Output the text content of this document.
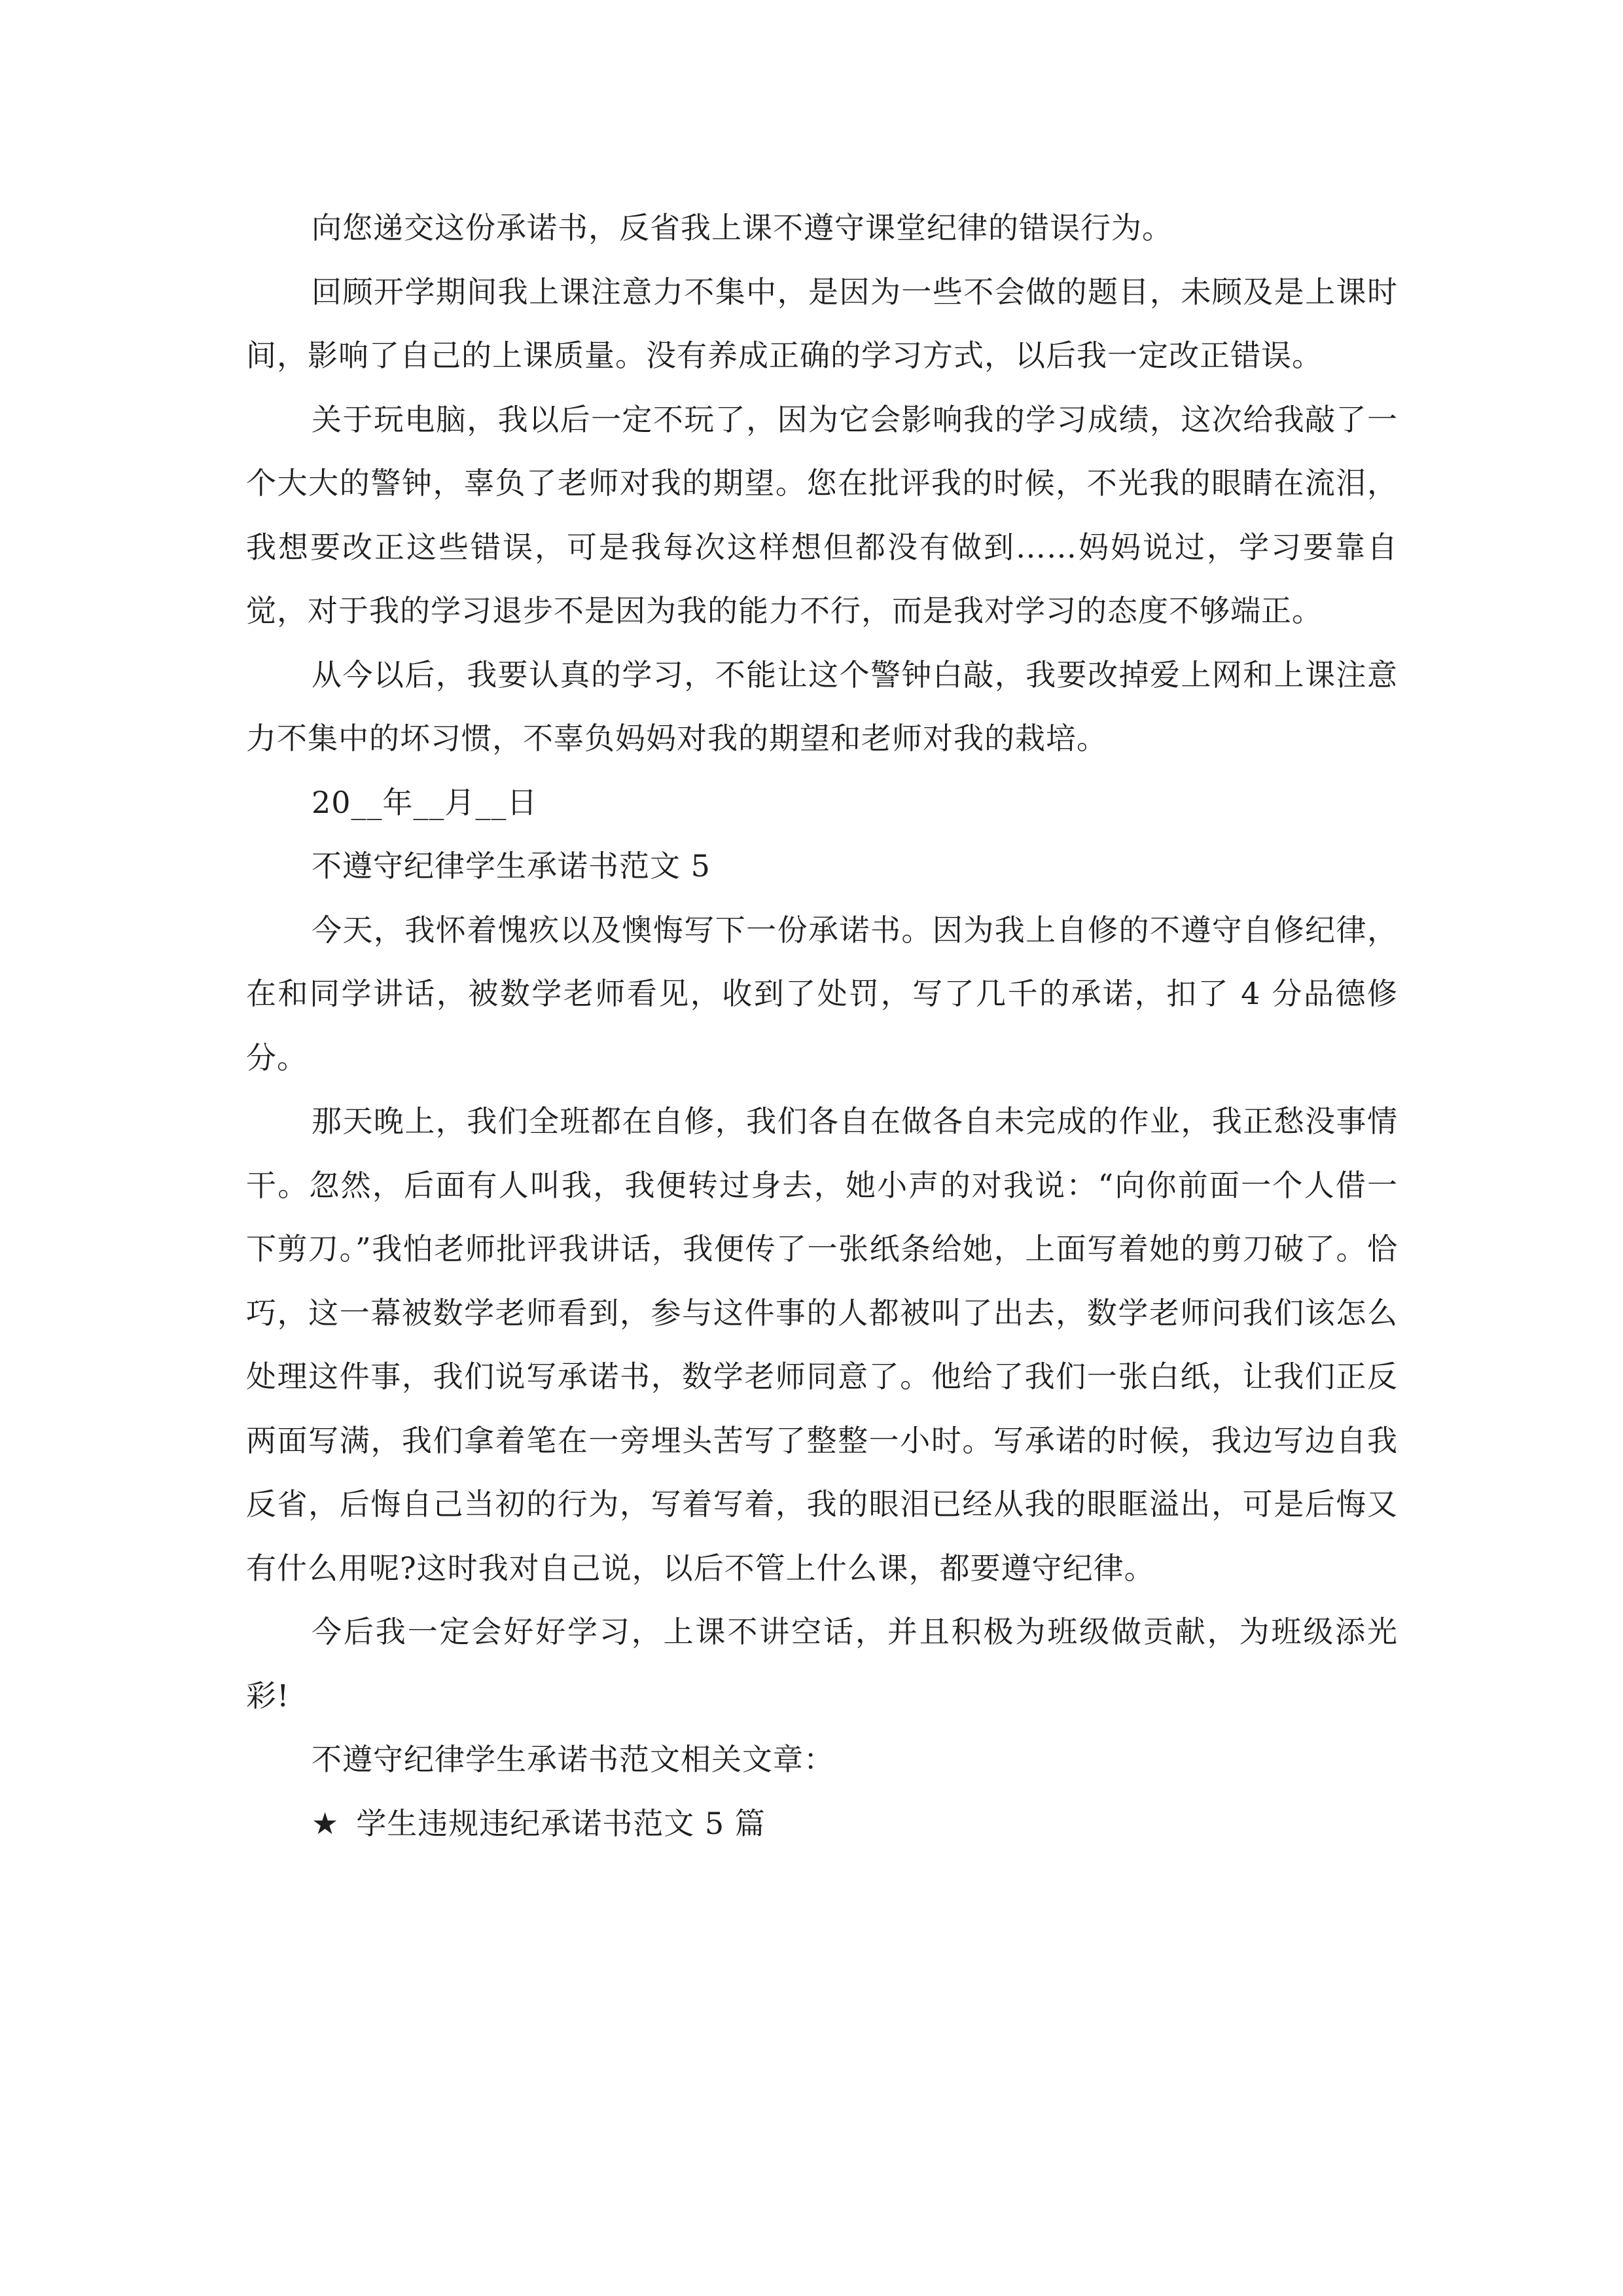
向您递交这份承诺书，反省我上课不遵守课堂纪律的错误行为。

回顾开学期间我上课注意力不集中，是因为一些不会做的题目，未顾及是上课时间，影响了自己的上课质量。没有养成正确的学习方式，以后我一定改正错误。

关于玩电脑，我以后一定不玩了，因为它会影响我的学习成绩，这次给我敲了一个大大的警钟，辜负了老师对我的期望。您在批评我的时候，不光我的眼睛在流泪，我想要改正这些错误，可是我每次这样想但都没有做到……妈妈说过，学习要靠自觉，对于我的学习退步不是因为我的能力不行，而是我对学习的态度不够端正。

从今以后，我要认真的学习，不能让这个警钟白敲，我要改掉爱上网和上课注意力不集中的坏习惯，不辜负妈妈对我的期望和老师对我的栽培。

20__年__月__日

不遵守纪律学生承诺书范文 5

今天，我怀着愧疚以及懊悔写下一份承诺书。因为我上自修的不遵守自修纪律，在和同学讲话，被数学老师看见，收到了处罚，写了几千的承诺，扣了 4 分品德修分。

那天晚上，我们全班都在自修，我们各自在做各自未完成的作业，我正愁没事情干。忽然，后面有人叫我，我便转过身去，她小声的对我说：“向你前面一个人借一下剪刀。”我怕老师批评我讲话，我便传了一张纸条给她，上面写着她的剪刀破了。恰巧，这一幕被数学老师看到，参与这件事的人都被叫了出去，数学老师问我们该怎么处理这件事，我们说写承诺书，数学老师同意了。他给了我们一张白纸，让我们正反两面写满，我们拿着笔在一旁埋头苦写了整整一小时。写承诺的时候，我边写边自我反省，后悔自己当初的行为，写着写着，我的眼泪已经从我的眼眶溢出，可是后悔又有什么用呢?这时我对自己说，以后不管上什么课，都要遵守纪律。

今后我一定会好好学习，上课不讲空话，并且积极为班级做贡献，为班级添光彩!

不遵守纪律学生承诺书范文相关文章：

★ 学生违规违纪承诺书范文 5 篇
